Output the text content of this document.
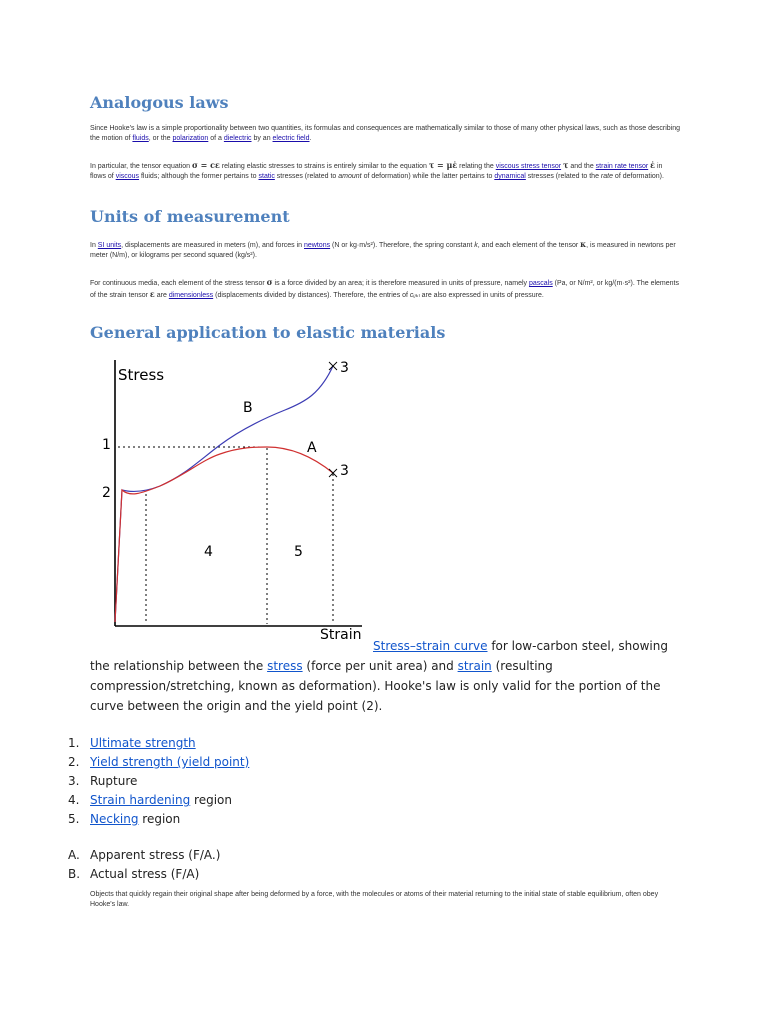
Analogous laws
Since Hooke's law is a simple proportionality between two quantities, its formulas and consequences are mathematically similar to those of many other physical laws, such as those describing the motion of fluids, or the polarization of a dielectric by an electric field.
In particular, the tensor equation σ = cε relating elastic stresses to strains is entirely similar to the equation τ = με̇ relating the viscous stress tensor τ and the strain rate tensor ε̇ in flows of viscous fluids; although the former pertains to static stresses (related to amount of deformation) while the latter pertains to dynamical stresses (related to the rate of deformation).
Units of measurement
In SI units, displacements are measured in meters (m), and forces in newtons (N or kg·m/s²). Therefore, the spring constant k, and each element of the tensor κ, is measured in newtons per meter (N/m), or kilograms per second squared (kg/s²).
For continuous media, each element of the stress tensor σ is a force divided by an area; it is therefore measured in units of pressure, namely pascals (Pa, or N/m², or kg/(m·s²). The elements of the strain tensor ε are dimensionless (displacements divided by distances). Therefore, the entries of cᵢⱼₖₗ are also expressed in units of pressure.
General application to elastic materials
Stress
Strain
1
2
3
3
4	5
A
B
Stress–strain curve for low-carbon steel, showing the relationship between the stress (force per unit area) and strain (resulting compression/stretching, known as deformation). Hooke's law is only valid for the portion of the curve between the origin and the yield point (2).
1. Ultimate strength
2. Yield strength (yield point)
3. Rupture
4. Strain hardening region
5. Necking region
A. Apparent stress (F/A.)
B. Actual stress (F/A)
Objects that quickly regain their original shape after being deformed by a force, with the molecules or atoms of their material returning to the initial state of stable equilibrium, often obey Hooke's law.
